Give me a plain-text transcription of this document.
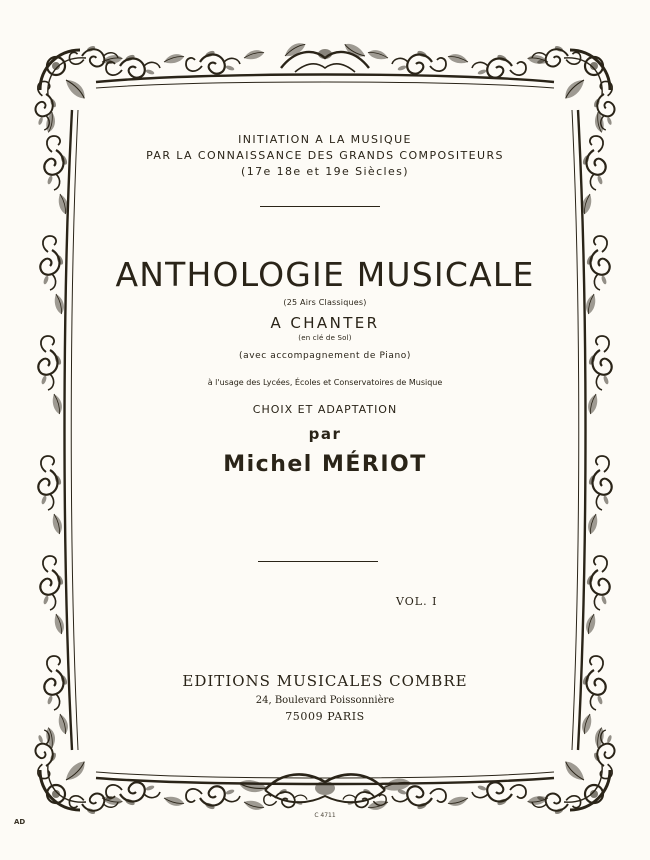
INITIATION A LA MUSIQUE
PAR LA CONNAISSANCE DES GRANDS COMPOSITEURS
(17e 18e et 19e Siècles)
ANTHOLOGIE MUSICALE
(25 Airs Classiques)
A CHANTER
(en clé de Sol)
(avec accompagnement de Piano)
à l'usage des Lycées, Écoles et Conservatoires de Musique
CHOIX ET ADAPTATION
par
Michel MÉRIOT
VOL. I
EDITIONS MUSICALES COMBRE
24, Boulevard Poissonnière
75009 PARIS
C 4711
AD
